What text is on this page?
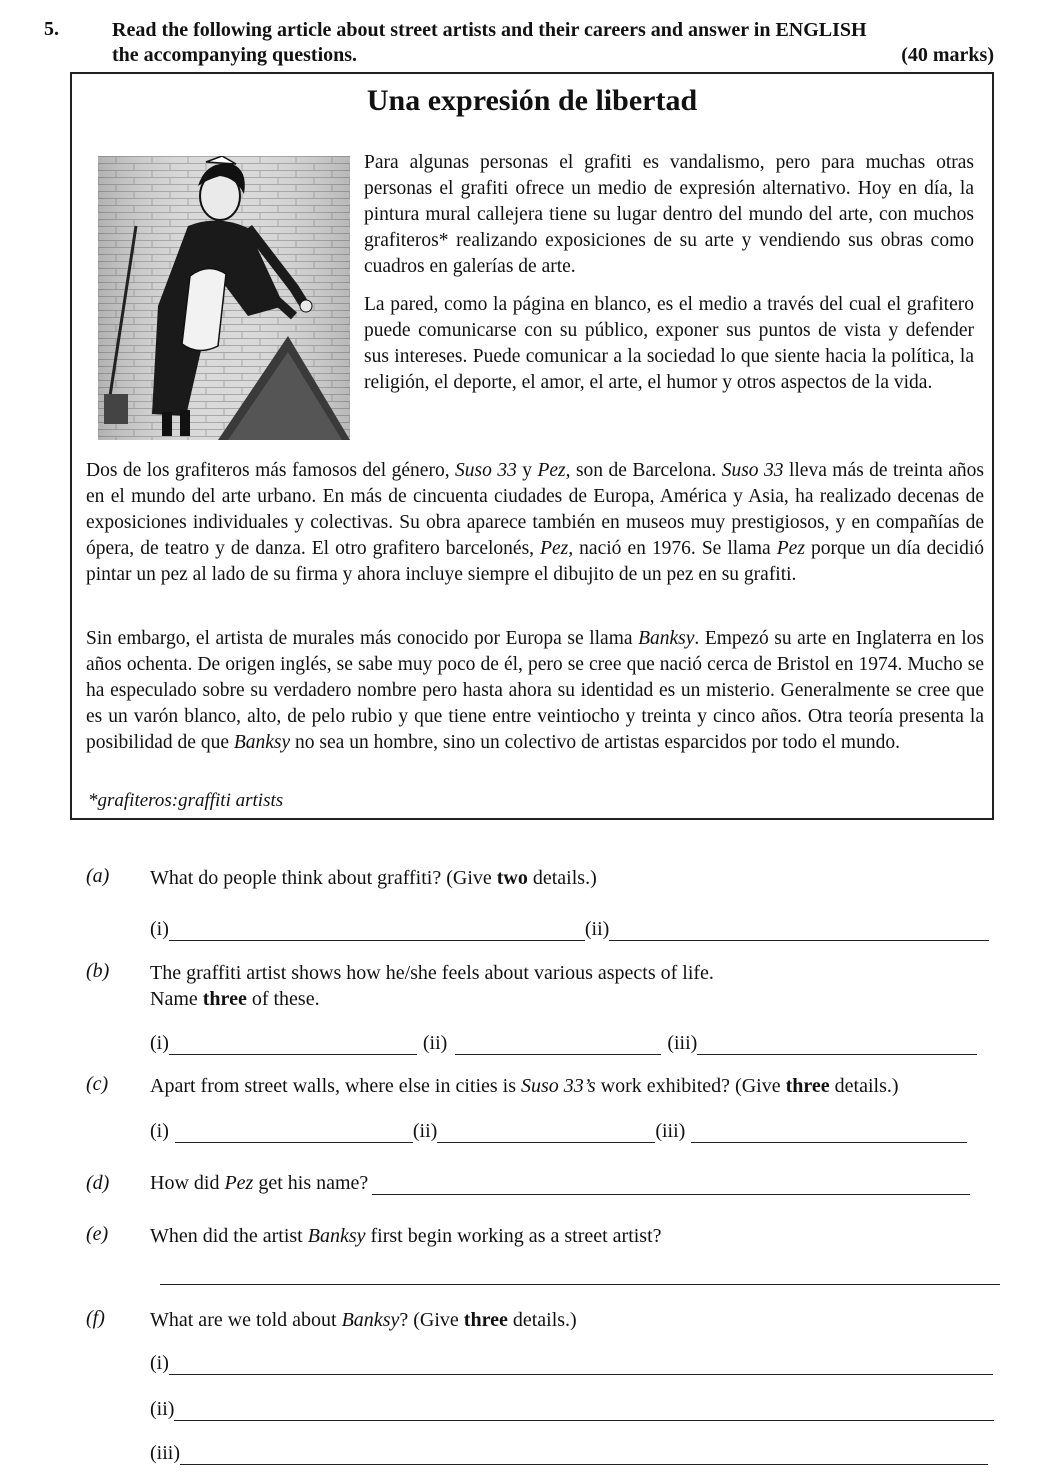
5.	Read the following article about street artists and their careers and answer in ENGLISH
the accompanying questions.	(40 marks)
Una expresión de libertad

Para algunas personas el grafiti es vandalismo, pero para muchas otras personas el grafiti ofrece un medio de expresión alternativo. Hoy en día, la pintura mural callejera tiene su lugar dentro del mundo del arte, con muchos grafiteros* realizando exposiciones de su arte y vendiendo sus obras como cuadros en galerías de arte.

La pared, como la página en blanco, es el medio a través del cual el grafitero puede comunicarse con su público, exponer sus puntos de vista y defender sus intereses. Puede comunicar a la sociedad lo que siente hacia la política, la religión, el deporte, el amor, el arte, el humor y otros aspectos de la vida.

Dos de los grafiteros más famosos del género, Suso 33 y Pez, son de Barcelona. Suso 33 lleva más de treinta años en el mundo del arte urbano. En más de cincuenta ciudades de Europa, América y Asia, ha realizado decenas de exposiciones individuales y colectivas. Su obra aparece también en museos muy prestigiosos, y en compañías de ópera, de teatro y de danza. El otro grafitero barcelonés, Pez, nació en 1976. Se llama Pez porque un día decidió pintar un pez al lado de su firma y ahora incluye siempre el dibujito de un pez en su grafiti.

Sin embargo, el artista de murales más conocido por Europa se llama Banksy. Empezó su arte en Inglaterra en los años ochenta. De origen inglés, se sabe muy poco de él, pero se cree que nació cerca de Bristol en 1974. Mucho se ha especulado sobre su verdadero nombre pero hasta ahora su identidad es un misterio. Generalmente se cree que es un varón blanco, alto, de pelo rubio y que tiene entre veintiocho y treinta y cinco años. Otra teoría presenta la posibilidad de que Banksy no sea un hombre, sino un colectivo de artistas esparcidos por todo el mundo.

*grafiteros:graffiti artists
(a) What do people think about graffiti? (Give two details.)
(i)	(ii)
(b) The graffiti artist shows how he/she feels about various aspects of life.
Name three of these.
(i)	(ii)	(iii)
(c) Apart from street walls, where else in cities is Suso 33’s work exhibited? (Give three details.)
(i)	(ii)	(iii)
(d) How did Pez get his name?
(e) When did the artist Banksy first begin working as a street artist?
(f) What are we told about Banksy? (Give three details.)
(i)
(ii)
(iii)
